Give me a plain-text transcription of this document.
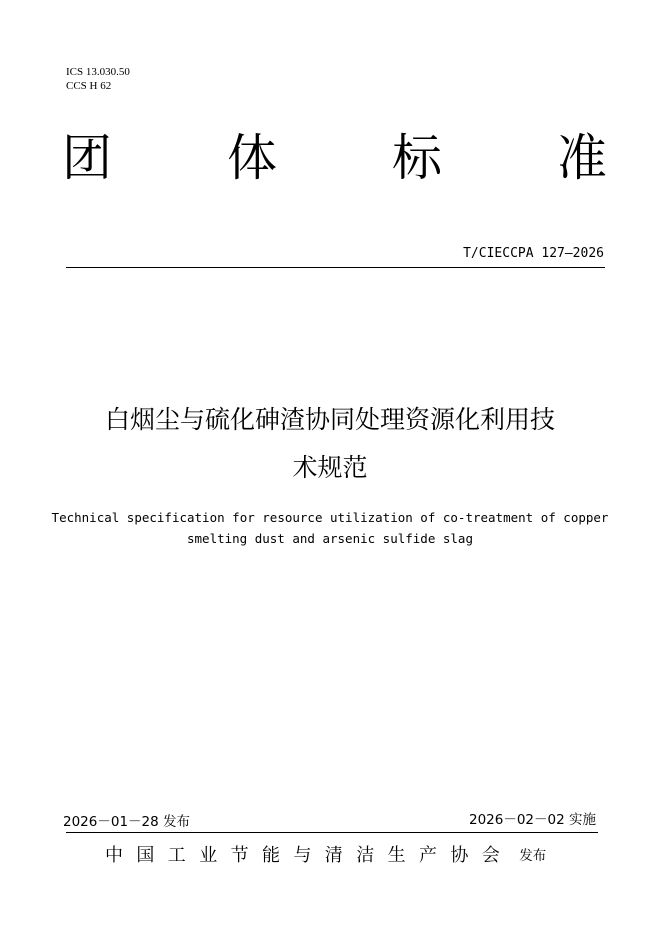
ICS 13.030.50
CCS H 62
团 体 标 准
T/CIECCPA 127—2026
白烟尘与硫化砷渣协同处理资源化利用技
术规范
Technical specification for resource utilization of co-treatment of copper
smelting dust and arsenic sulfide slag
2026－01－28 发布	2026－02－02 实施
中国工业节能与清洁生产协会 发布
